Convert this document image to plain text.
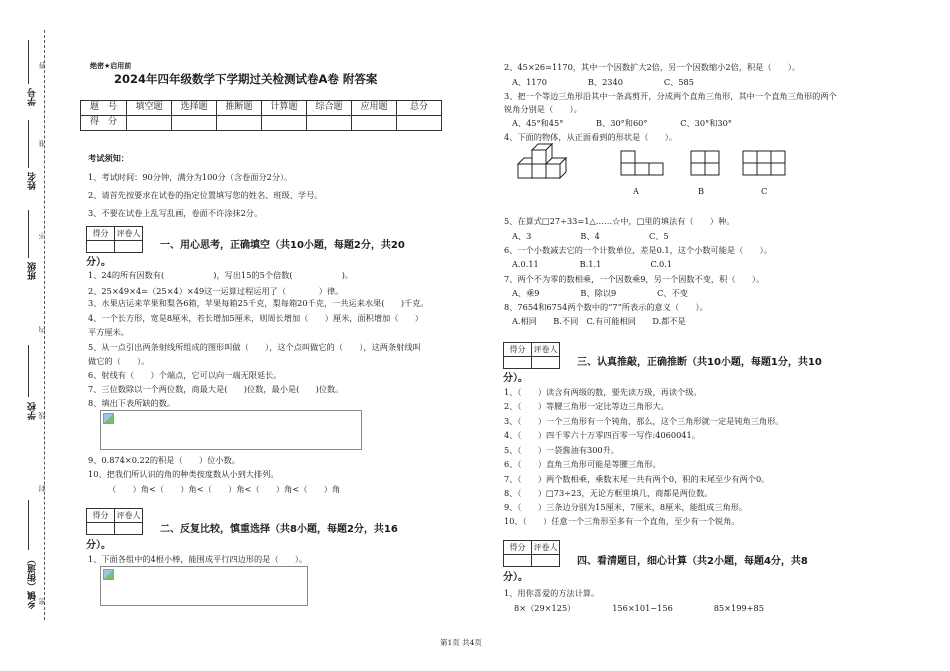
学号
姓名
班级
学校
乡镇（街道）
答
准
不
内
线
封
密
绝密★启用前
2024年四年级数学下学期过关检测试卷A卷 附答案
题　号	填空题	选择题	推断题	计算题	综合题	应用题	总分
得　分							
考试须知：
1、考试时间：90分钟，满分为100分（含卷面分2分）。
2、请首先按要求在试卷的指定位置填写您的姓名、班级、学号。
3、不要在试卷上乱写乱画，卷面不许涂抹2分。
得分	评卷人

一、用心思考，正确填空（共10小题，每题2分，共20
分）。
1、24的所有因数有(　　　　　　)，写出15的5个倍数(　　　　　　)。
2、25×49×4=（25×4）×49这一运算过程运用了（　　　　）律。
3、水果店运来苹果和梨各6箱，苹果每箱25千克，梨每箱20千克，一共运来水果(　　)千克。
4、一个长方形，宽是8厘米，若长增加5厘米，则周长增加（　　）厘米，面积增加（　　）
平方厘米。
5、从一点引出两条射线所组成的图形叫做（　　），这个点叫做它的（　　），这两条射线叫
做它的（　　）。
6、射线有（　　）个端点，它可以向一端无限延长。
7、三位数除以一个两位数，商最大是(　　)位数，最小是(　　)位数。
8、填出下表所缺的数。
9、0.874×0.22的积是（　　）位小数。
10、把我们所认识的角的种类按度数从小到大排列。
（　　）角<（　　）角<（　　）角<（　　）角<（　　）角
得分	评卷人

二、反复比较，慎重选择（共8小题，每题2分，共16
分）。
1、下面各组中的4根小棒，能围成平行四边形的是（　　）。
2、45×26=1170，其中一个因数扩大2倍，另一个因数缩小2倍，积是（　　）。
A、1170　　　　　B、2340　　　　　C、585
3、把一个等边三角形沿其中一条高剪开，分成两个直角三角形，其中一个直角三角形的两个
锐角分别是（　　）。
A、45°和45°　　　　B、30°和60°　　　　C、30°和30°
4、下面的物体，从正面看到的形状是（　　）。
A	B	C
5、在算式□27÷33=1△……☆中，□里的填法有（　　）种。
A、3　　　　　　B、4　　　　　　C、5
6、一个小数减去它的一个计数单位，差是0.1，这个小数可能是（　　）。
A.0.11　　　　　B.1.1　　　　　　C.0.1
7、两个不为零的数相乘，一个因数乘9，另一个因数不变，积（　　）。
A、乘9　　　　　B、除以9　　　　　C、不变
8、7654和6754两个数中的“7”所表示的意义（　　）。
A.相同　　B.不同　C.有可能相同　　D.都不是
得分	评卷人

三、认真推敲，正确推断（共10小题，每题1分，共10
分）。
1、（　　）读含有两级的数，要先读万级，再读个级。
2、（　　）等腰三角形一定比等边三角形大。
3、（　　）一个三角形有一个钝角，那么，这个三角形就一定是钝角三角形。
4、（　　）四千零六十万零四百零一写作:4060041。
5、（　　）一袋酱油有300升。
6、（　　）直角三角形可能是等腰三角形。
7、（　　）两个数相乘，乘数末尾一共有两个0，积的末尾至少有两个0。
8、（　　）□73÷23，无论方框里填几，商都是两位数。
9、（　　）三条边分别为15厘米，7厘米，8厘米，能组成三角形。
10、（　　）任意一个三角形至多有一个直角，至少有一个锐角。
得分	评卷人

四、看清题目，细心计算（共2小题，每题4分，共8
分）。
1、用你喜爱的方法计算。
8×（29×125）　　　　　156×101−156　　　　　85×199+85
第1页 共4页
